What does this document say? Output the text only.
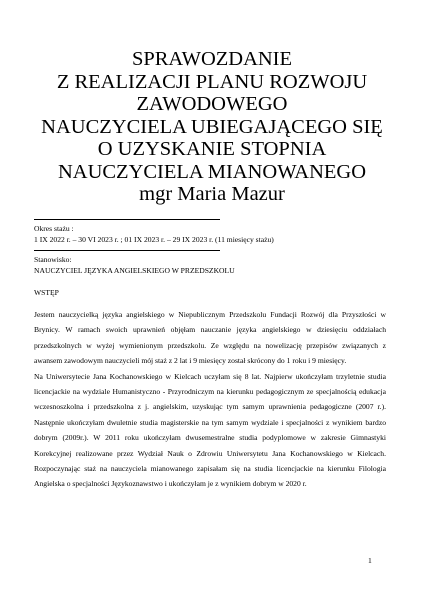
SPRAWOZDANIE
Z REALIZACJI PLANU ROZWOJU
ZAWODOWEGO
NAUCZYCIELA UBIEGAJĄCEGO SIĘ
O UZYSKANIE STOPNIA
NAUCZYCIELA MIANOWANEGO
mgr Maria Mazur
Okres stażu :
1 IX 2022 r. – 30 VI 2023 r. ; 01 IX 2023 r. – 29 IX 2023 r. (11 miesięcy stażu)
Stanowisko:
NAUCZYCIEL JĘZYKA ANGIELSKIEGO W PRZEDSZKOLU
WSTĘP

Jestem nauczycielką języka angielskiego w Niepublicznym Przedszkolu Fundacji Rozwój dla Przyszłości w Brynicy. W ramach swoich uprawnień objęłam nauczanie języka angielskiego w dziesięciu oddziałach przedszkolnych w wyżej wymienionym przedszkolu. Ze względu na nowelizację przepisów związanych z awansem zawodowym nauczycieli mój staż z 2 lat i 9 miesięcy został skrócony do 1 roku i 9 miesięcy.

Na Uniwersytecie Jana Kochanowskiego w Kielcach uczyłam się 8 lat. Najpierw ukończyłam trzyletnie studia licencjackie na wydziale Humanistyczno - Przyrodniczym na kierunku pedagogicznym ze specjalnością edukacja wczesnoszkolna i przedszkolna z j. angielskim, uzyskując tym samym uprawnienia pedagogiczne (2007 r.). Następnie ukończyłam dwuletnie studia magisterskie na tym samym wydziale i specjalności z wynikiem bardzo dobrym (2009r.). W 2011 roku ukończyłam dwusemestralne studia podyplomowe w zakresie Gimnastyki Korekcyjnej realizowane przez Wydział Nauk o Zdrowiu Uniwersytetu Jana Kochanowskiego w Kielcach. Rozpoczynając staż na nauczyciela mianowanego zapisałam się na studia licencjackie na kierunku Filologia Angielska o specjalności Językoznawstwo i ukończyłam je z wynikiem dobrym w 2020 r.

1
